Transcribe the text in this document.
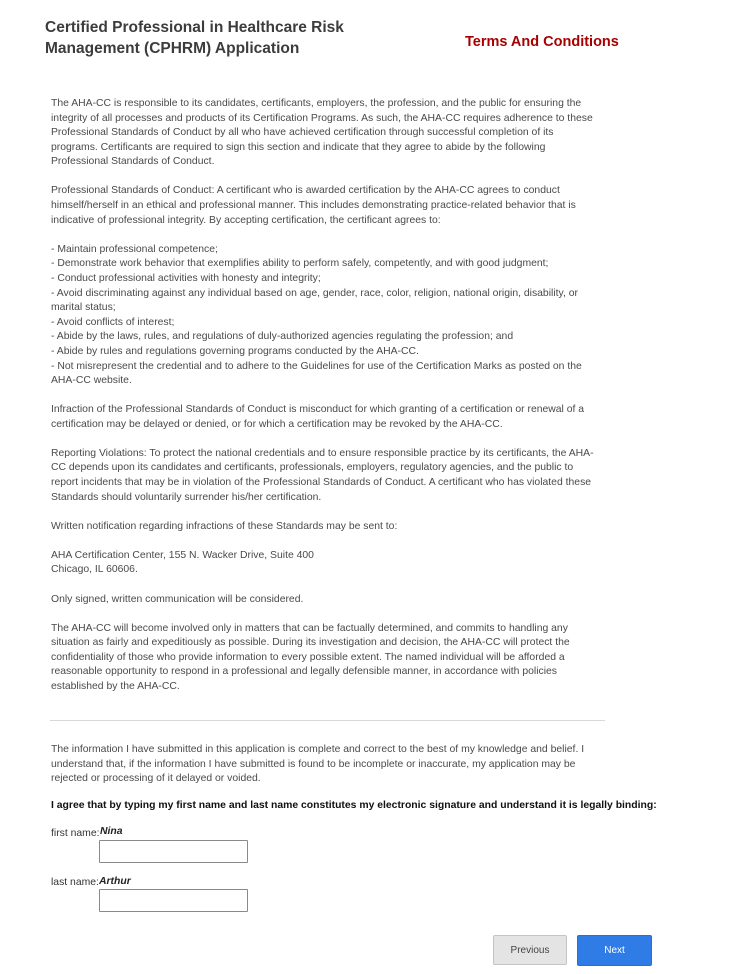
Certified Professional in Healthcare Risk Management (CPHRM) Application	Terms And Conditions

The AHA-CC is responsible to its candidates, certificants, employers, the profession, and the public for ensuring the integrity of all processes and products of its Certification Programs. As such, the AHA-CC requires adherence to these Professional Standards of Conduct by all who have achieved certification through successful completion of its programs. Certificants are required to sign this section and indicate that they agree to abide by the following Professional Standards of Conduct.

Professional Standards of Conduct: A certificant who is awarded certification by the AHA-CC agrees to conduct himself/herself in an ethical and professional manner. This includes demonstrating practice-related behavior that is indicative of professional integrity. By accepting certification, the certificant agrees to:

- Maintain professional competence;
- Demonstrate work behavior that exemplifies ability to perform safely, competently, and with good judgment;
- Conduct professional activities with honesty and integrity;
- Avoid discriminating against any individual based on age, gender, race, color, religion, national origin, disability, or marital status;
- Avoid conflicts of interest;
- Abide by the laws, rules, and regulations of duly-authorized agencies regulating the profession; and
- Abide by rules and regulations governing programs conducted by the AHA-CC.
- Not misrepresent the credential and to adhere to the Guidelines for use of the Certification Marks as posted on the AHA-CC website.

Infraction of the Professional Standards of Conduct is misconduct for which granting of a certification or renewal of a certification may be delayed or denied, or for which a certification may be revoked by the AHA-CC.

Reporting Violations: To protect the national credentials and to ensure responsible practice by its certificants, the AHA-CC depends upon its candidates and certificants, professionals, employers, regulatory agencies, and the public to report incidents that may be in violation of the Professional Standards of Conduct. A certificant who has violated these Standards should voluntarily surrender his/her certification.

Written notification regarding infractions of these Standards may be sent to:

AHA Certification Center, 155 N. Wacker Drive, Suite 400
Chicago, IL 60606.

Only signed, written communication will be considered.

The AHA-CC will become involved only in matters that can be factually determined, and commits to handling any situation as fairly and expeditiously as possible. During its investigation and decision, the AHA-CC will protect the confidentiality of those who provide information to every possible extent. The named individual will be afforded a reasonable opportunity to respond in a professional and legally defensible manner, in accordance with policies established by the AHA-CC.

The information I have submitted in this application is complete and correct to the best of my knowledge and belief. I understand that, if the information I have submitted is found to be incomplete or inaccurate, my application may be rejected or processing of it delayed or voided.

I agree that by typing my first name and last name constitutes my electronic signature and understand it is legally binding:

first name: Nina
last name: Arthur
Previous	Next
